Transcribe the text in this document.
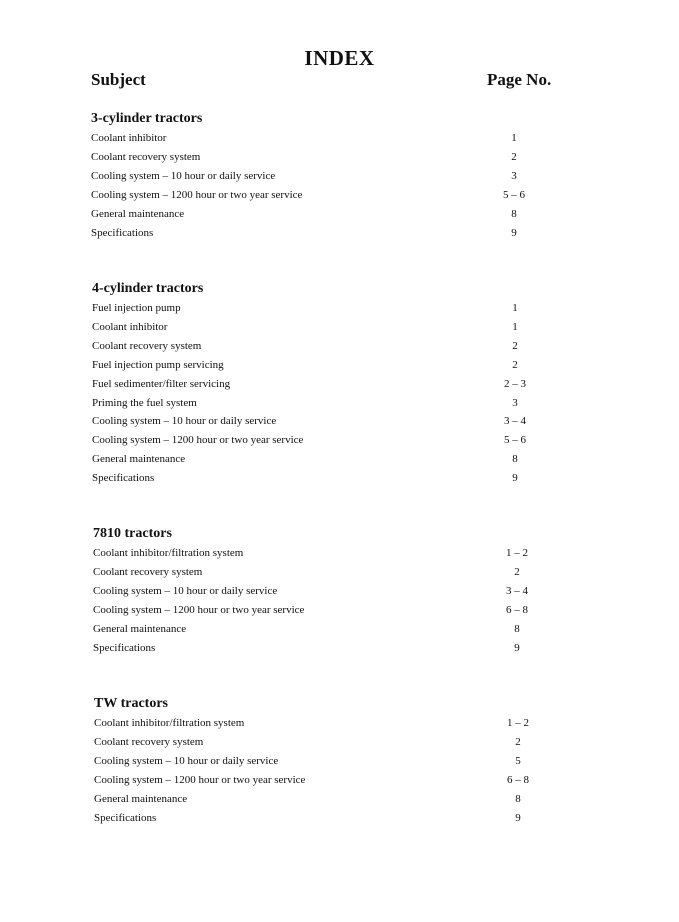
INDEX
Subject	Page No.
3-cylinder tractors
Coolant inhibitor	1
Coolant recovery system	2
Cooling system – 10 hour or daily service	3
Cooling system – 1200 hour or two year service	5 – 6
General maintenance	8
Specifications	9
4-cylinder tractors
Fuel injection pump	1
Coolant inhibitor	1
Coolant recovery system	2
Fuel injection pump servicing	2
Fuel sedimenter/filter servicing	2 – 3
Priming the fuel system	3
Cooling system – 10 hour or daily service	3 – 4
Cooling system – 1200 hour or two year service	5 – 6
General maintenance	8
Specifications	9
7810 tractors
Coolant inhibitor/filtration system	1 – 2
Coolant recovery system	2
Cooling system – 10 hour or daily service	3 – 4
Cooling system – 1200 hour or two year service	6 – 8
General maintenance	8
Specifications	9
TW tractors
Coolant inhibitor/filtration system	1 – 2
Coolant recovery system	2
Cooling system – 10 hour or daily service	5
Cooling system – 1200 hour or two year service	6 – 8
General maintenance	8
Specifications	9
